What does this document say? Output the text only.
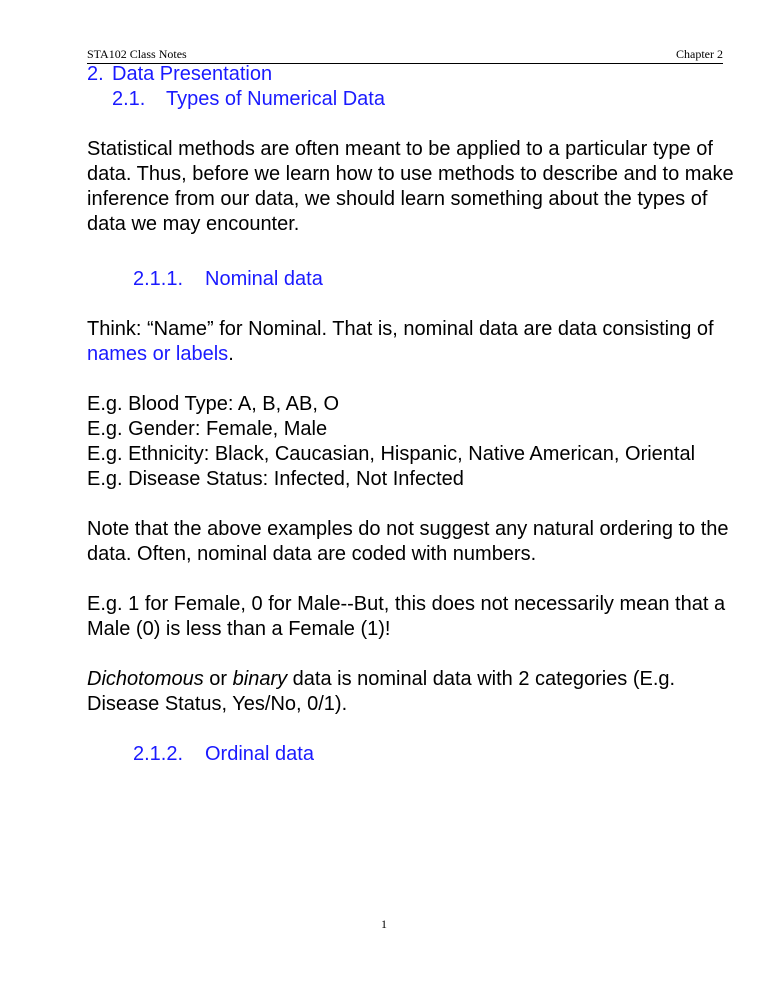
STA102 Class Notes	Chapter 2
2. Data Presentation
2.1. Types of Numerical Data

Statistical methods are often meant to be applied to a particular type of data. Thus, before we learn how to use methods to describe and to make inference from our data, we should learn something about the types of data we may encounter.

2.1.1. Nominal data

Think: “Name” for Nominal. That is, nominal data are data consisting of names or labels.

E.g. Blood Type: A, B, AB, O

E.g. Gender: Female, Male

E.g. Ethnicity: Black, Caucasian, Hispanic, Native American, Oriental

E.g. Disease Status: Infected, Not Infected

Note that the above examples do not suggest any natural ordering to the data. Often, nominal data are coded with numbers.

E.g. 1 for Female, 0 for Male--But, this does not necessarily mean that a Male (0) is less than a Female (1)!

Dichotomous or binary data is nominal data with 2 categories (E.g. Disease Status, Yes/No, 0/1).

2.1.2. Ordinal data
1
